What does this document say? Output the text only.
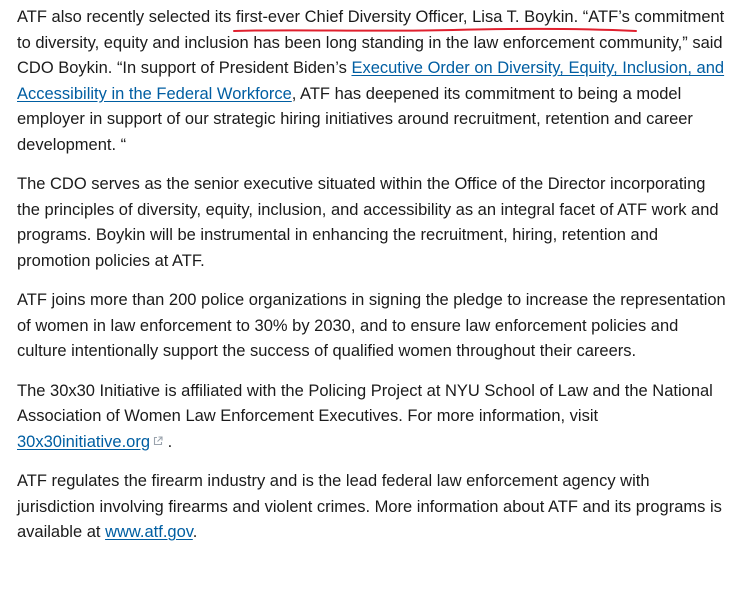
ATF also recently selected its first-ever Chief Diversity Officer, Lisa T. Boykin. “ATF’s commitment to diversity, equity and inclusion has been long standing in the law enforcement community,” said CDO Boykin. “In support of President Biden’s Executive Order on Diversity, Equity, Inclusion, and Accessibility in the Federal Workforce, ATF has deepened its commitment to being a model employer in support of our strategic hiring initiatives around recruitment, retention and career development. “

The CDO serves as the senior executive situated within the Office of the Director incorporating the principles of diversity, equity, inclusion, and accessibility as an integral facet of ATF work and programs. Boykin will be instrumental in enhancing the recruitment, hiring, retention and promotion policies at ATF.

ATF joins more than 200 police organizations in signing the pledge to increase the representation of women in law enforcement to 30% by 2030, and to ensure law enforcement policies and culture intentionally support the success of qualified women throughout their careers.

The 30x30 Initiative is affiliated with the Policing Project at NYU School of Law and the National Association of Women Law Enforcement Executives. For more information, visit 30x30initiative.org .

ATF regulates the firearm industry and is the lead federal law enforcement agency with jurisdiction involving firearms and violent crimes. More information about ATF and its programs is available at www.atf.gov.
